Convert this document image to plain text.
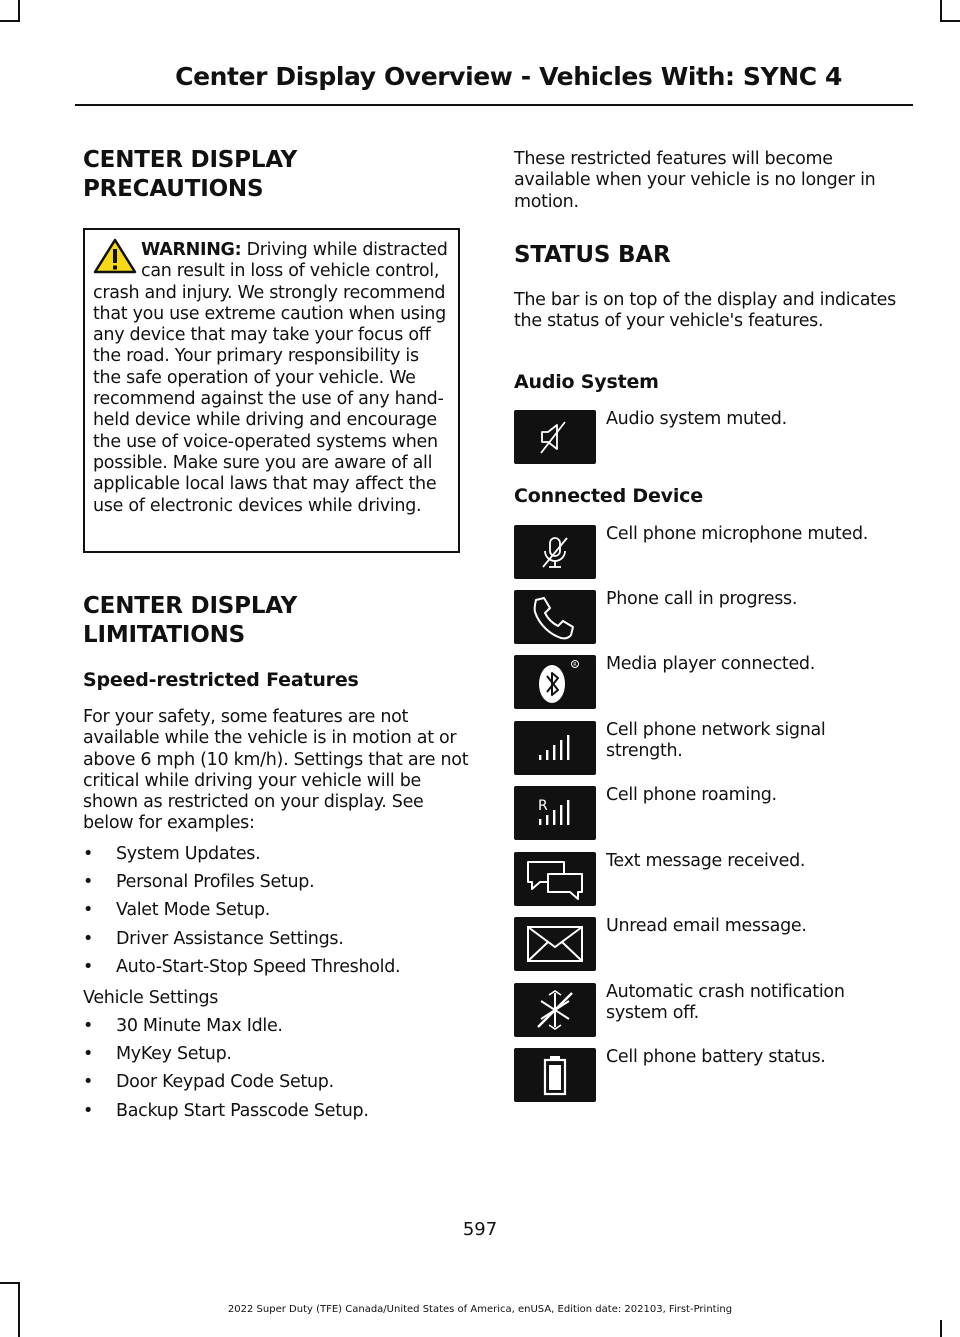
Center Display Overview - Vehicles With: SYNC 4
CENTER DISPLAY
PRECAUTIONS
WARNING: Driving while distracted can result in loss of vehicle control, crash and injury. We strongly recommend that you use extreme caution when using any device that may take your focus off the road. Your primary responsibility is the safe operation of your vehicle. We recommend against the use of any hand-held device while driving and encourage the use of voice-operated systems when possible. Make sure you are aware of all applicable local laws that may affect the use of electronic devices while driving.
CENTER DISPLAY
LIMITATIONS
Speed-restricted Features

For your safety, some features are not available while the vehicle is in motion at or above 6 mph (10 km/h). Settings that are not critical while driving your vehicle will be shown as restricted on your display. See below for examples:

• System Updates.
• Personal Profiles Setup.
• Valet Mode Setup.
• Driver Assistance Settings.
• Auto-Start-Stop Speed Threshold.

Vehicle Settings

• 30 Minute Max Idle.
• MyKey Setup.
• Door Keypad Code Setup.
• Backup Start Passcode Setup.

These restricted features will become available when your vehicle is no longer in motion.

STATUS BAR

The bar is on top of the display and indicates the status of your vehicle's features.

Audio System
Audio system muted.
Connected Device
Cell phone microphone muted.
Phone call in progress.
R Media player connected.
Cell phone network signal strength.
R
Cell phone roaming.
Text message received.
Unread email message.
Automatic crash notification system off.
Cell phone battery status.
597
2022 Super Duty (TFE) Canada/United States of America, enUSA, Edition date: 202103, First-Printing
